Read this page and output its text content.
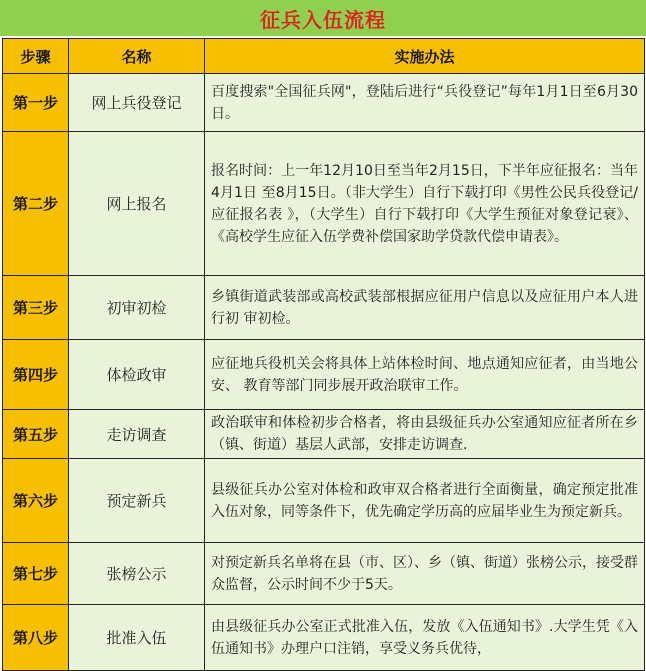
征兵入伍流程
步骤	名称	实施办法
第一步	网上兵役登记	百度搜索"全国征兵网"，登陆后进行“兵役登记”每年1月1日至6月30日。
第二步	网上报名	报名时间：上一年12月10日至当年2月15日，下半年应征报名：当年4月1日 至8月15日。（非大学生）自行下载打印《男性公民兵役登记/应征报名表 》，（大学生）自行下载打印《大学生预征对象登记衰》、《高校学生应征入伍学费补偿国家助学贷款代偿申请表》。
第三步	初审初检	乡镇街道武装部或高校武装部根据应征用户信息以及应征用户本人进行初 审初检。
第四步	体检政审	应征地兵役机关会将具体上站体检时间、地点通知应征者，由当地公安、 教育等部门同步展开政治联审工作。
第五步	走访调查	政治联审和体检初步合格者，将由县级征兵办公室通知应征者所在乡（镇、街道）基层人武部，安排走访调查.
第六步	预定新兵	县级征兵办公室对体检和政审双合格者进行全面衡量，确定预定批准入伍对象，同等条件下，优先确定学历高的应届毕业生为预定新兵。
第七步	张榜公示	对预定新兵名单将在县（市、区）、乡（镇、街道）张榜公示，接受群众监督，公示时间不少于5天。
第八步	批准入伍	由县级征兵办公室正式批准入伍，发放《入伍通知书》.大学生凭《入伍通知书》办理户口注销，享受义务兵优待，
